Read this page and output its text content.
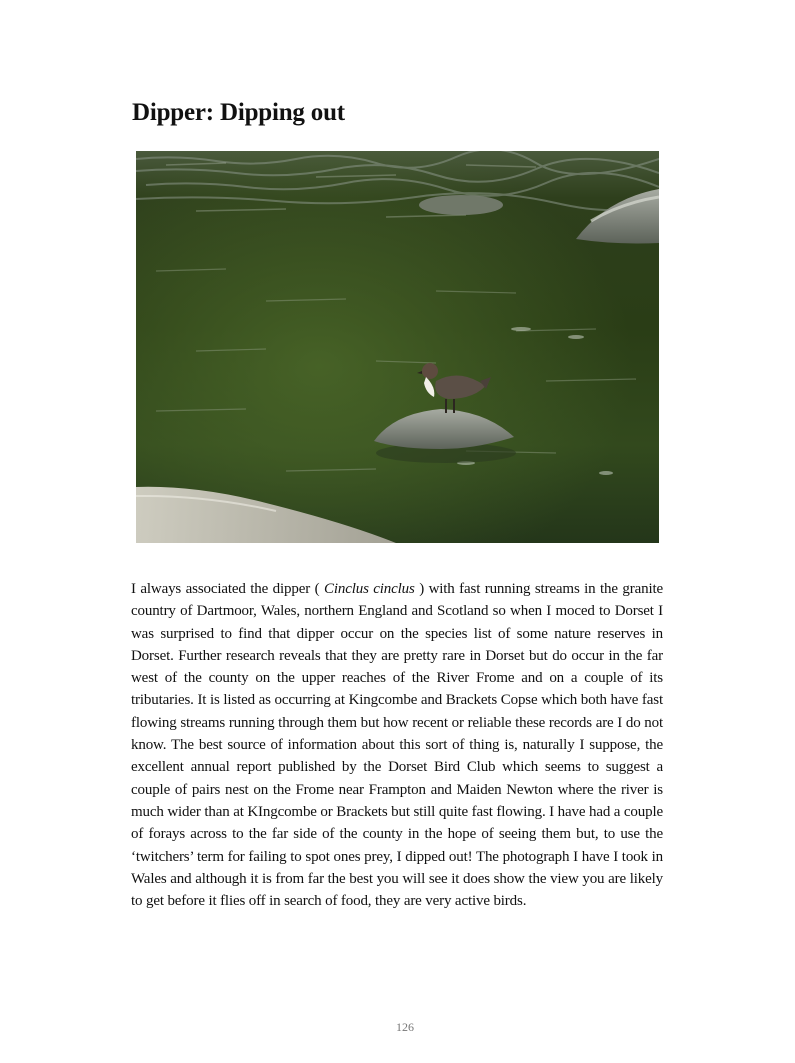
Dipper: Dipping out

I always associated the dipper ( Cinclus cinclus ) with fast running streams in the granite country of Dartmoor, Wales, northern England and Scotland so when I moced to Dorset I was surprised to find that dipper occur on the species list of some nature reserves in Dorset. Further research reveals that they are pretty rare in Dorset but do occur in the far west of the county on the upper reaches of the River Frome and on a couple of its tributaries. It is listed as occurring at Kingcombe and Brackets Copse which both have fast flowing streams running through them but how recent or reliable these records are I do not know. The best source of information about this sort of thing is, naturally I suppose, the excellent annual report published by the Dorset Bird Club which seems to suggest a couple of pairs nest on the Frome near Frampton and Maiden Newton where the river is much wider than at KIngcombe or Brackets but still quite fast flowing. I have had a couple of forays across to the far side of the county in the hope of seeing them but, to use the ‘twitchers’ term for failing to spot ones prey, I dipped out! The photograph I have I took in Wales and although it is from far the best you will see it does show the view you are likely to get before it flies off in search of food, they are very active birds.

126
